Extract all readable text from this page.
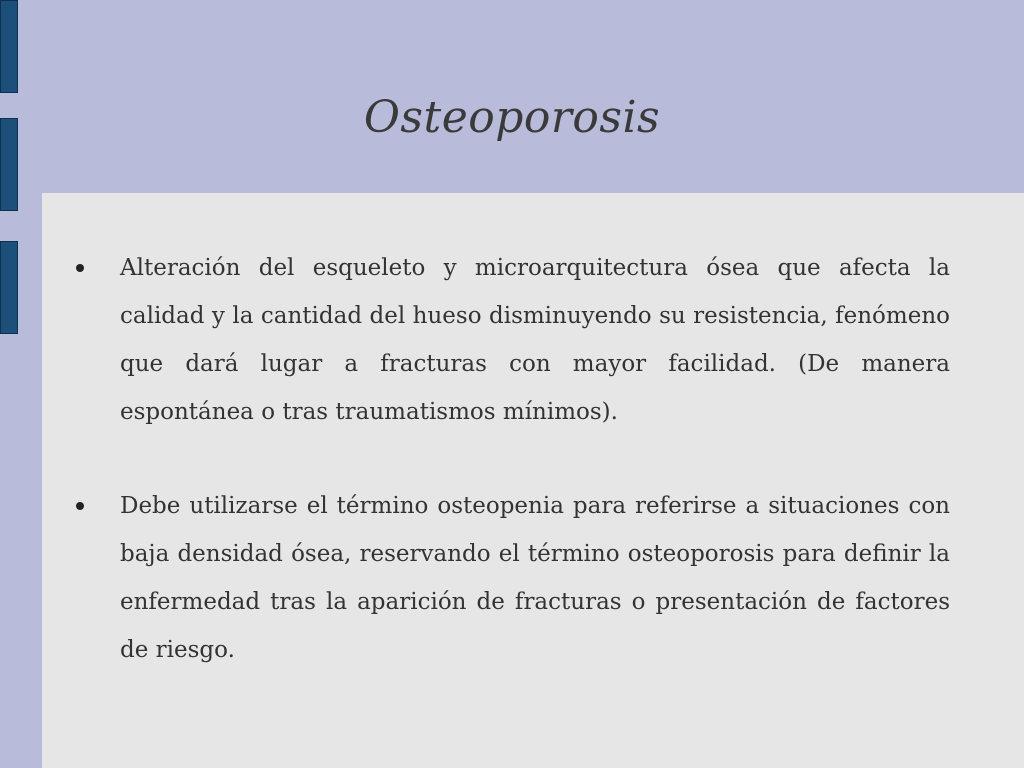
Osteoporosis
Alteración del esqueleto y microarquitectura ósea que afecta la calidad y la cantidad del hueso disminuyendo su resistencia, fenómeno que dará lugar a fracturas con mayor facilidad. (De manera espontánea o tras traumatismos mínimos).
Debe utilizarse el término osteopenia para referirse a situaciones con baja densidad ósea, reservando el término osteoporosis para definir la enfermedad tras la aparición de fracturas o presentación de factores de riesgo.
